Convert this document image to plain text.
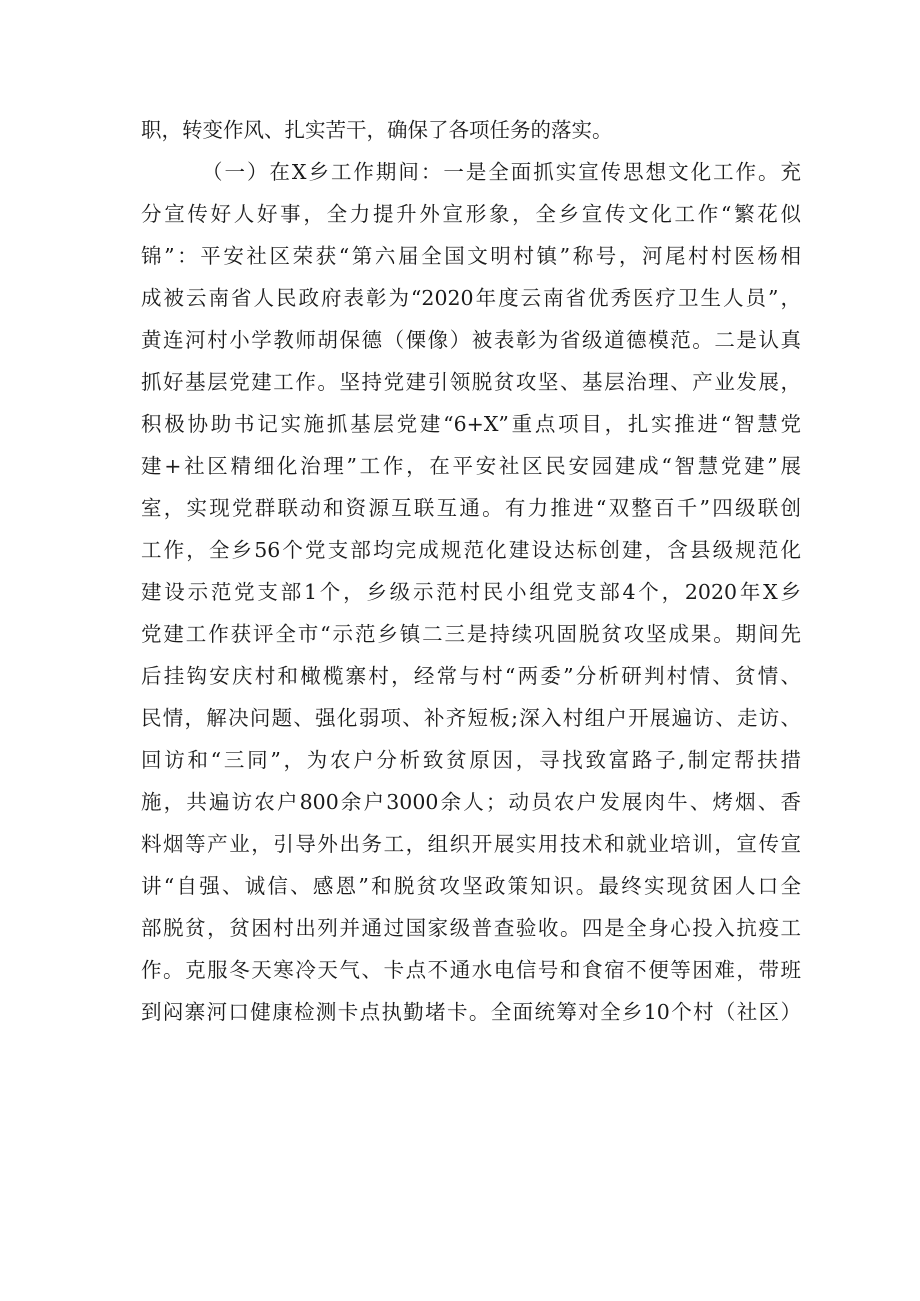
职，转变作风、扎实苦干，确保了各项任务的落实。
（一）在X乡工作期间：一是全面抓实宣传思想文化工作。充
分宣传好人好事，全力提升外宣形象，全乡宣传文化工作“繁花似
锦”：平安社区荣获“第六届全国文明村镇”称号，河尾村村医杨相
成被云南省人民政府表彰为“2020年度云南省优秀医疗卫生人员”，
黄连河村小学教师胡保德（傈像）被表彰为省级道德模范。二是认真
抓好基层党建工作。坚持党建引领脱贫攻坚、基层治理、产业发展，
积极协助书记实施抓基层党建“6+X”重点项目，扎实推进“智慧党
建+社区精细化治理”工作，在平安社区民安园建成“智慧党建”展
室，实现党群联动和资源互联互通。有力推进“双整百千”四级联创
工作，全乡56个党支部均完成规范化建设达标创建，含县级规范化
建设示范党支部1个，乡级示范村民小组党支部4个，2020年X乡
党建工作获评全市“示范乡镇二三是持续巩固脱贫攻坚成果。期间先
后挂钩安庆村和橄榄寨村，经常与村“两委”分析研判村情、贫情、
民情，解决问题、强化弱项、补齐短板;深入村组户开展遍访、走访、
回访和“三同”，为农户分析致贫原因，寻找致富路子,制定帮扶措
施，共遍访农户800余户3000余人；动员农户发展肉牛、烤烟、香
料烟等产业，引导外出务工，组织开展实用技术和就业培训，宣传宣
讲“自强、诚信、感恩”和脱贫攻坚政策知识。最终实现贫困人口全
部脱贫，贫困村出列并通过国家级普查验收。四是全身心投入抗疫工
作。克服冬天寒冷天气、卡点不通水电信号和食宿不便等困难，带班
到闷寨河口健康检测卡点执勤堵卡。全面统筹对全乡10个村（社区）
